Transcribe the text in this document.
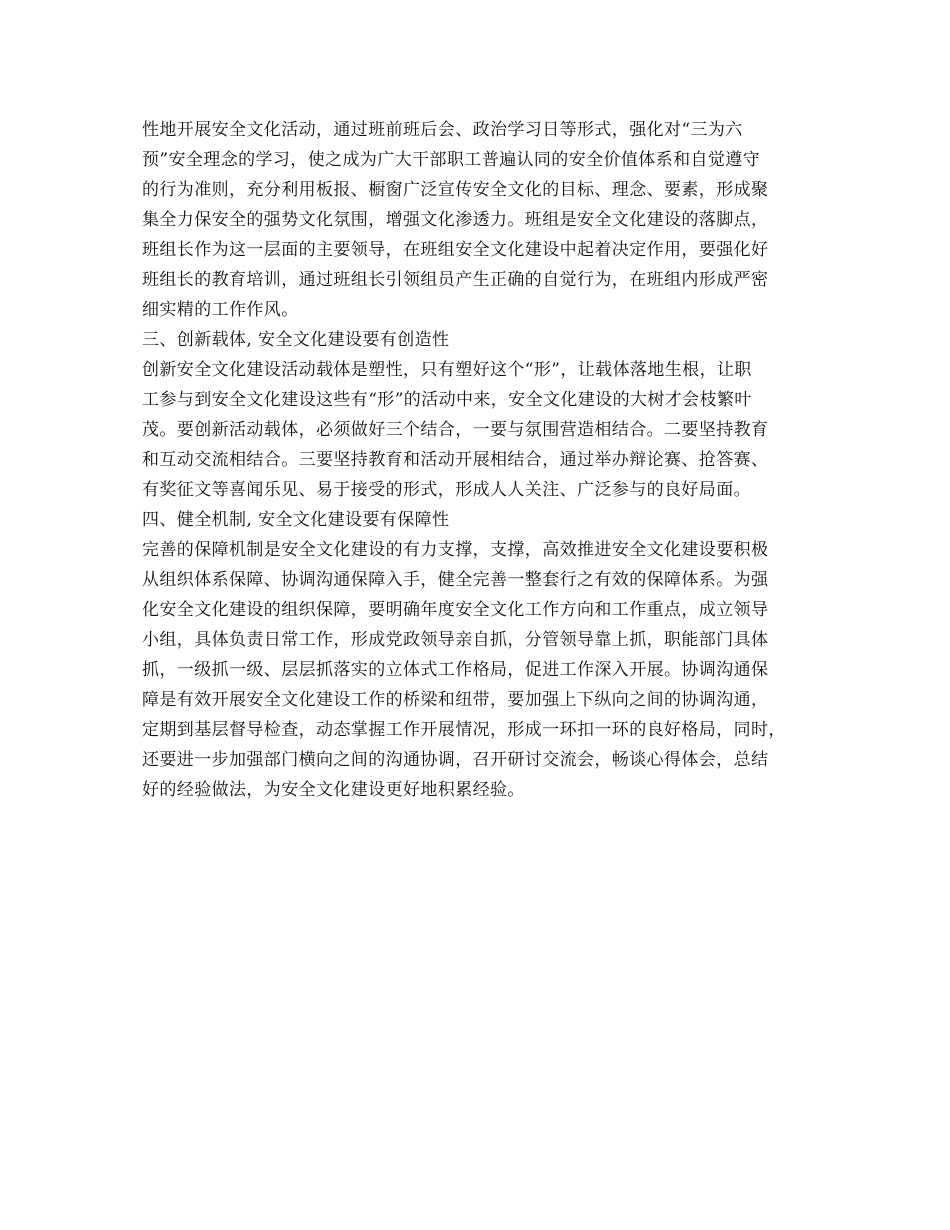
性地开展安全文化活动，通过班前班后会、政治学习日等形式，强化对“三为六
预”安全理念的学习，使之成为广大干部职工普遍认同的安全价值体系和自觉遵守
的行为准则，充分利用板报、橱窗广泛宣传安全文化的目标、理念、要素，形成聚
集全力保安全的强势文化氛围，增强文化渗透力。班组是安全文化建设的落脚点，
班组长作为这一层面的主要领导，在班组安全文化建设中起着决定作用，要强化好
班组长的教育培训，通过班组长引领组员产生正确的自觉行为，在班组内形成严密
细实精的工作作风。
三、创新载体, 安全文化建设要有创造性
创新安全文化建设活动载体是塑性，只有塑好这个“形”，让载体落地生根，让职
工参与到安全文化建设这些有“形”的活动中来，安全文化建设的大树才会枝繁叶
茂。要创新活动载体，必须做好三个结合，一要与氛围营造相结合。二要坚持教育
和互动交流相结合。三要坚持教育和活动开展相结合，通过举办辩论赛、抢答赛、
有奖征文等喜闻乐见、易于接受的形式，形成人人关注、广泛参与的良好局面。
四、健全机制, 安全文化建设要有保障性
完善的保障机制是安全文化建设的有力支撑，支撑，高效推进安全文化建设要积极
从组织体系保障、协调沟通保障入手，健全完善一整套行之有效的保障体系。为强
化安全文化建设的组织保障，要明确年度安全文化工作方向和工作重点，成立领导
小组，具体负责日常工作，形成党政领导亲自抓，分管领导靠上抓，职能部门具体
抓，一级抓一级、层层抓落实的立体式工作格局，促进工作深入开展。协调沟通保
障是有效开展安全文化建设工作的桥梁和纽带，要加强上下纵向之间的协调沟通，
定期到基层督导检查，动态掌握工作开展情况，形成一环扣一环的良好格局，同时，
还要进一步加强部门横向之间的沟通协调，召开研讨交流会，畅谈心得体会，总结
好的经验做法，为安全文化建设更好地积累经验。
